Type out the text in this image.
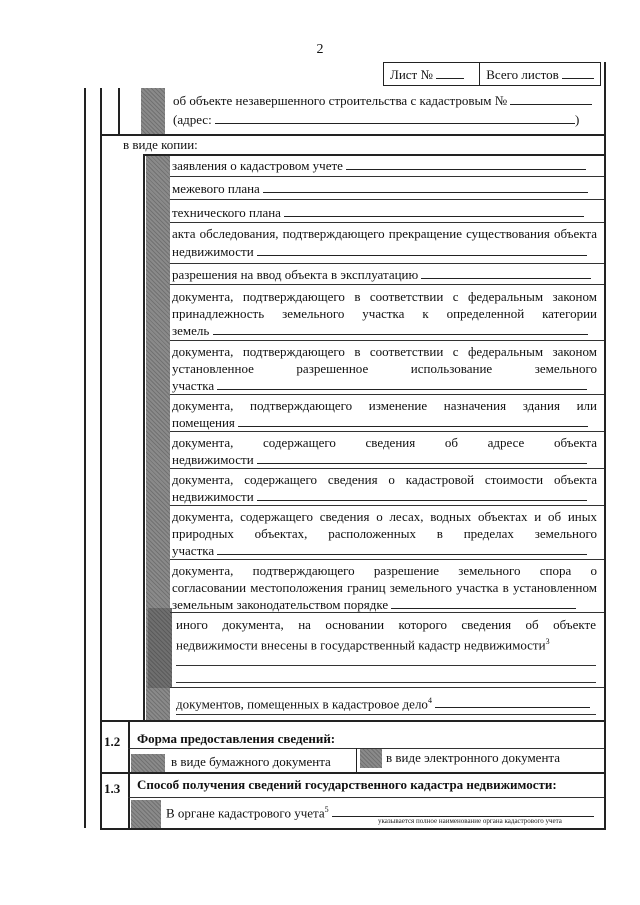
2
Лист №	Всего листов
об объекте незавершенного строительства с кадастровым №
(адрес:	)
в виде копии:
заявления о кадастровом учете
межевого плана
технического плана
акта обследования, подтверждающего прекращение существования объекта
недвижимости
разрешения на ввод объекта в эксплуатацию
документа, подтверждающего в соответствии с федеральным законом
принадлежность земельного участка к определенной категории
земель
документа, подтверждающего в соответствии с федеральным законом
установленное разрешенное использование земельного
участка
документа, подтверждающего изменение назначения здания или
помещения
документа, содержащего сведения об адресе объекта
недвижимости
документа, содержащего сведения о кадастровой стоимости объекта
недвижимости
документа, содержащего сведения о лесах, водных объектах и об иных
природных объектах, расположенных в пределах земельного
участка
документа, подтверждающего разрешение земельного спора о
согласовании местоположения границ земельного участка в установленном
земельным законодательством порядке
иного документа, на основании которого сведения об объекте
недвижимости внесены в государственный кадастр недвижимости$^3$
документов, помещенных в кадастровое дело$^4$
1.2 Форма предоставления сведений:
в виде бумажного документа	в виде электронного документа
1.3 Способ получения сведений государственного кадастра недвижимости:
В органе кадастрового учета$^5$
указывается полное наименование органа кадастрового учета
